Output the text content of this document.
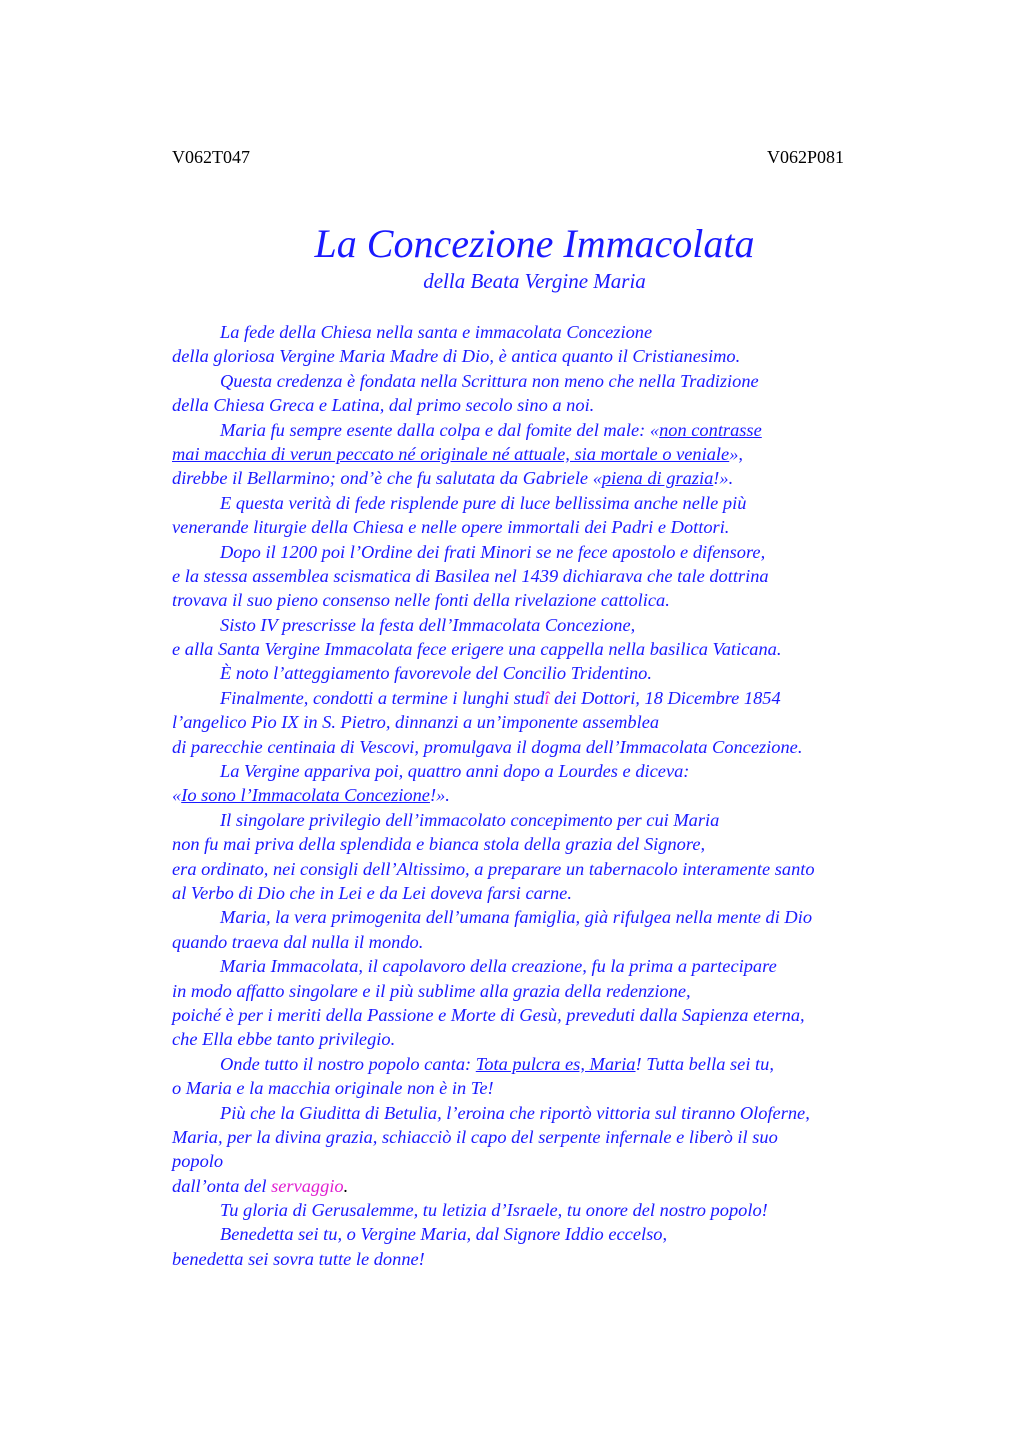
V062T047	V062P081
La Concezione Immacolata
della Beata Vergine Maria
La fede della Chiesa nella santa e immacolata Concezione
della gloriosa Vergine Maria Madre di Dio, è antica quanto il Cristianesimo.
Questa credenza è fondata nella Scrittura non meno che nella Tradizione
della Chiesa Greca e Latina, dal primo secolo sino a noi.
Maria fu sempre esente dalla colpa e dal fomite del male: «non contrasse
mai macchia di verun peccato né originale né attuale, sia mortale o veniale»,
direbbe il Bellarmino; ond’è che fu salutata da Gabriele «piena di grazia!».
E questa verità di fede risplende pure di luce bellissima anche nelle più
venerande liturgie della Chiesa e nelle opere immortali dei Padri e Dottori.
Dopo il 1200 poi l’Ordine dei frati Minori se ne fece apostolo e difensore,
e la stessa assemblea scismatica di Basilea nel 1439 dichiarava che tale dottrina
trovava il suo pieno consenso nelle fonti della rivelazione cattolica.
Sisto IV prescrisse la festa dell’Immacolata Concezione,
e alla Santa Vergine Immacolata fece erigere una cappella nella basilica Vaticana.
È noto l’atteggiamento favorevole del Concilio Tridentino.
Finalmente, condotti a termine i lunghi studî dei Dottori, 18 Dicembre 1854
l’angelico Pio IX in S. Pietro, dinnanzi a un’imponente assemblea
di parecchie centinaia di Vescovi, promulgava il dogma dell’Immacolata Concezione.
La Vergine appariva poi, quattro anni dopo a Lourdes e diceva:
«Io sono l’Immacolata Concezione!».
Il singolare privilegio dell’immacolato concepimento per cui Maria
non fu mai priva della splendida e bianca stola della grazia del Signore,
era ordinato, nei consigli dell’Altissimo, a preparare un tabernacolo interamente santo
al Verbo di Dio che in Lei e da Lei doveva farsi carne.
Maria, la vera primogenita dell’umana famiglia, già rifulgea nella mente di Dio
quando traeva dal nulla il mondo.
Maria Immacolata, il capolavoro della creazione, fu la prima a partecipare
in modo affatto singolare e il più sublime alla grazia della redenzione,
poiché è per i meriti della Passione e Morte di Gesù, preveduti dalla Sapienza eterna,
che Ella ebbe tanto privilegio.
Onde tutto il nostro popolo canta: Tota pulcra es, Maria! Tutta bella sei tu,
o Maria e la macchia originale non è in Te!
Più che la Giuditta di Betulia, l’eroina che riportò vittoria sul tiranno Oloferne,
Maria, per la divina grazia, schiacciò il capo del serpente infernale e liberò il suo
popolo
dall’onta del servaggio.
Tu gloria di Gerusalemme, tu letizia d’Israele, tu onore del nostro popolo!
Benedetta sei tu, o Vergine Maria, dal Signore Iddio eccelso,
benedetta sei sovra tutte le donne!
